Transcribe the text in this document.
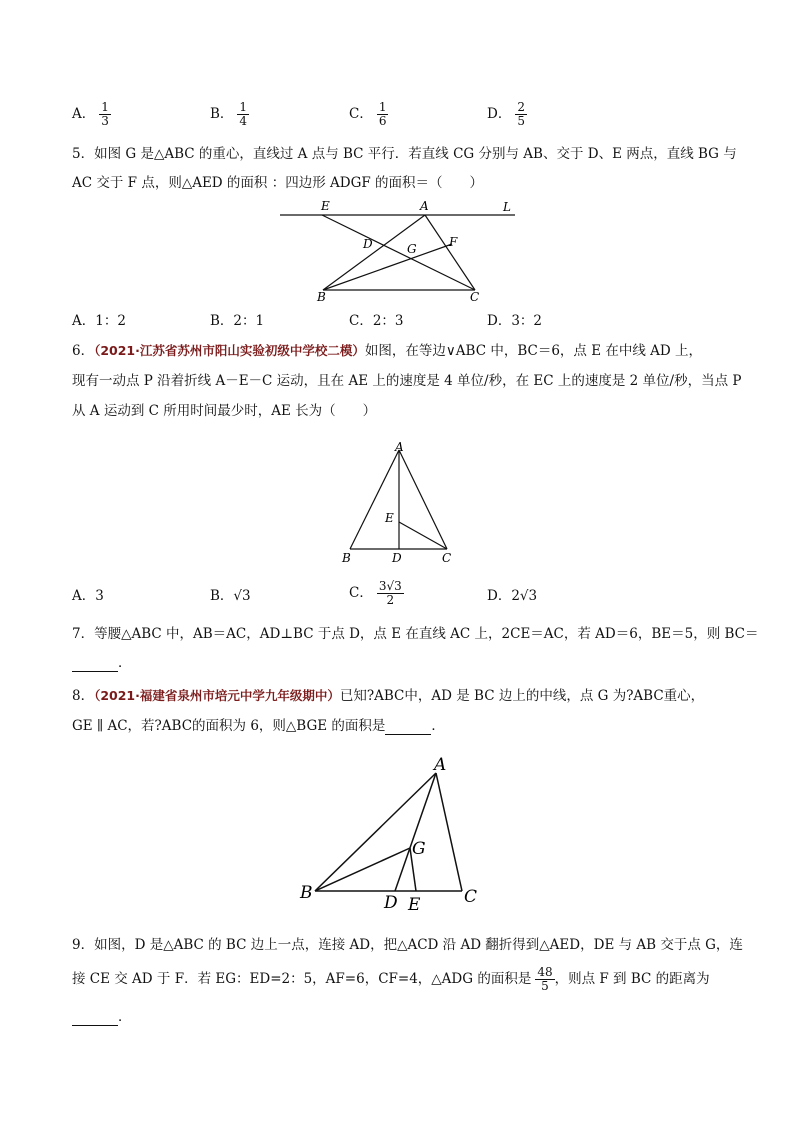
A． $\frac{1}{3}$	B． $\frac{1}{4}$	C． $\frac{1}{6}$	D． $\frac{2}{5}$
5．如图 G 是△ABC 的重心，直线过 A 点与 BC 平行．若直线 CG 分别与 AB、交于 D、E 两点，直线 BG 与
AC 交于 F 点，则△AED 的面积 ：四边形 ADGF 的面积＝（　　）
E	A	L
D	G	F
B	C
A．1：2	B．2：1	C．2：3	D．3：2
6．（2021·江苏省苏州市阳山实验初级中学校二模）如图，在等边∨ABC 中，BC＝6，点 E 在中线 AD 上，
现有一动点 P 沿着折线 A－E－C 运动，且在 AE 上的速度是 4 单位/秒，在 EC 上的速度是 2 单位/秒，当点 P
从 A 运动到 C 所用时间最少时，AE 长为（　　）
A
E
B	D	C
A．3	B．√3	C． $\frac{3√3}{2}$	D．2√3
7．等腰△ABC 中，AB＝AC，AD⊥BC 于点 D，点 E 在直线 AC 上，2CE＝AC，若 AD＝6，BE＝5，则 BC＝
．
8．（2021·福建省泉州市培元中学九年级期中）已知?ABC中，AD 是 BC 边上的中线，点 G 为?ABC重心，
GE ∥ AC，若?ABC的面积为 6，则△BGE 的面积是	．
A
G
B	D E	C
9．如图，D 是△ABC 的 BC 边上一点，连接 AD，把△ACD 沿 AD 翻折得到△AED，DE 与 AB 交于点 G，连
接 CE 交 AD 于 F．若 EG：ED=2：5，AF=6，CF=4，△ADG 的面积是 $\frac{48}{5}$ ，则点 F 到 BC 的距离为
．
